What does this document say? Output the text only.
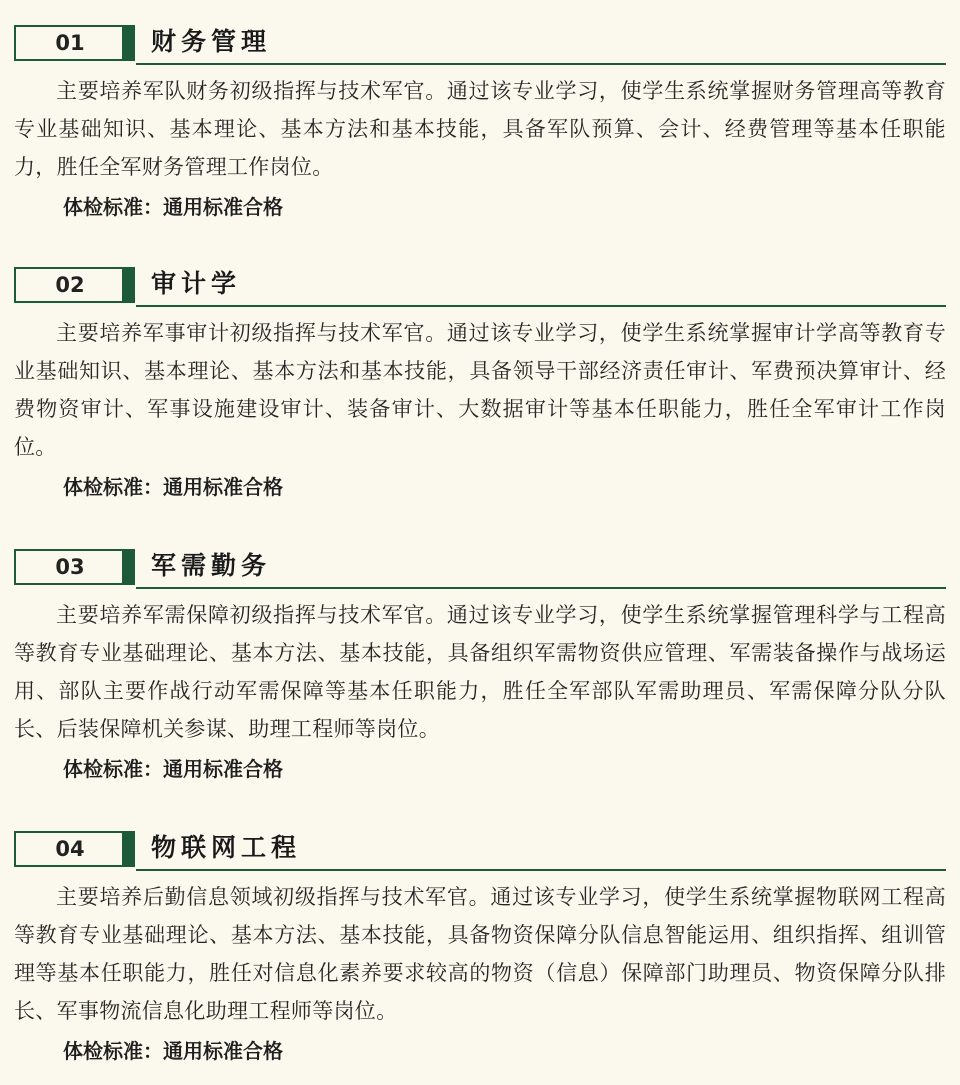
01	财务管理
主要培养军队财务初级指挥与技术军官。通过该专业学习，使学生系统掌握财务管理高等教育专业基础知识、基本理论、基本方法和基本技能，具备军队预算、会计、经费管理等基本任职能力，胜任全军财务管理工作岗位。
体检标准：通用标准合格
02	审计学
主要培养军事审计初级指挥与技术军官。通过该专业学习，使学生系统掌握审计学高等教育专业基础知识、基本理论、基本方法和基本技能，具备领导干部经济责任审计、军费预决算审计、经费物资审计、军事设施建设审计、装备审计、大数据审计等基本任职能力，胜任全军审计工作岗位。
体检标准：通用标准合格
03	军需勤务
主要培养军需保障初级指挥与技术军官。通过该专业学习，使学生系统掌握管理科学与工程高等教育专业基础理论、基本方法、基本技能，具备组织军需物资供应管理、军需装备操作与战场运用、部队主要作战行动军需保障等基本任职能力，胜任全军部队军需助理员、军需保障分队分队长、后装保障机关参谋、助理工程师等岗位。
体检标准：通用标准合格
04	物联网工程
主要培养后勤信息领域初级指挥与技术军官。通过该专业学习，使学生系统掌握物联网工程高等教育专业基础理论、基本方法、基本技能，具备物资保障分队信息智能运用、组织指挥、组训管理等基本任职能力，胜任对信息化素养要求较高的物资（信息）保障部门助理员、物资保障分队排长、军事物流信息化助理工程师等岗位。
体检标准：通用标准合格
